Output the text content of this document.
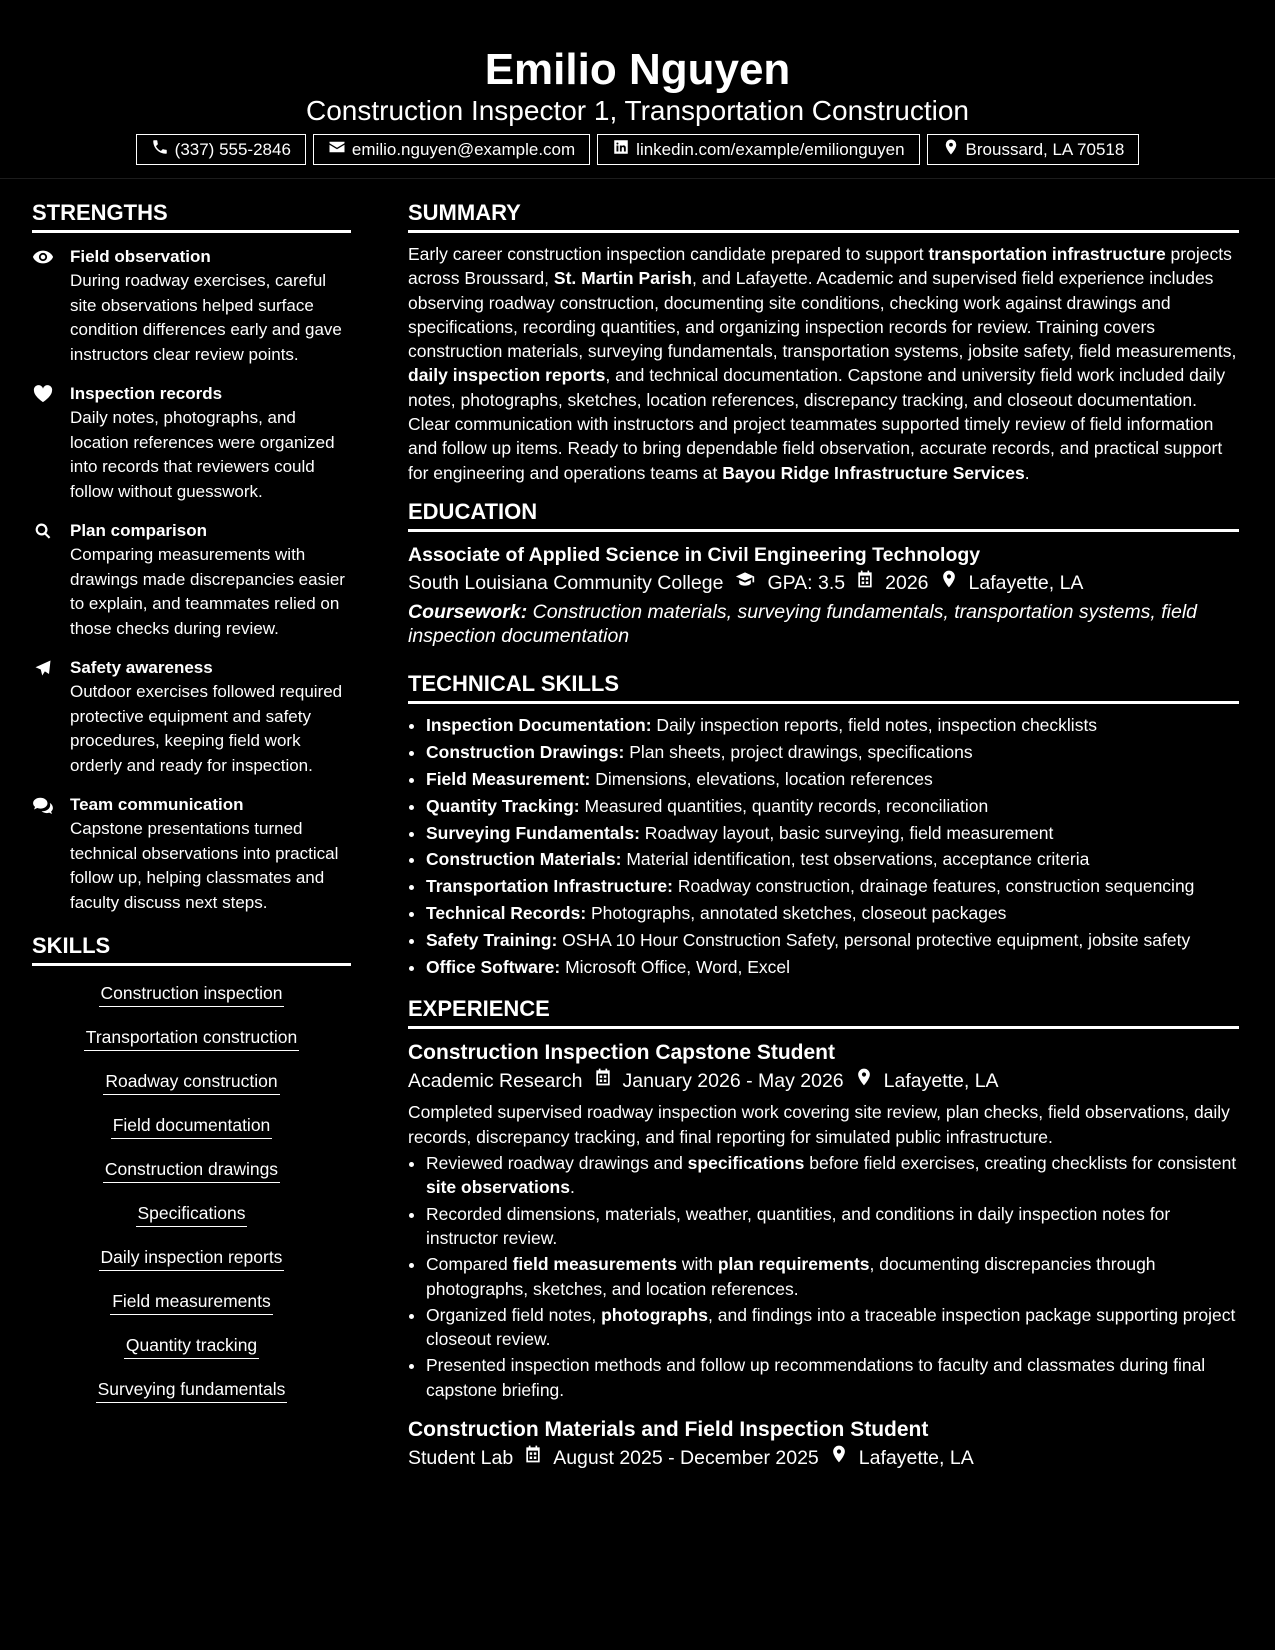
Emilio Nguyen
Construction Inspector 1, Transportation Construction
(337) 555-2846	emilio.nguyen@example.com	linkedin.com/example/emilionguyen	Broussard, LA 70518
STRENGTHS
Field observation
During roadway exercises, careful site observations helped surface condition differences early and gave instructors clear review points.
Inspection records
Daily notes, photographs, and location references were organized into records that reviewers could follow without guesswork.
Plan comparison
Comparing measurements with drawings made discrepancies easier to explain, and teammates relied on those checks during review.
Safety awareness
Outdoor exercises followed required protective equipment and safety procedures, keeping field work orderly and ready for inspection.
Team communication
Capstone presentations turned technical observations into practical follow up, helping classmates and faculty discuss next steps.
SKILLS
Construction inspection
Transportation construction
Roadway construction
Field documentation
Construction drawings
Specifications
Daily inspection reports
Field measurements
Quantity tracking
Surveying fundamentals
SUMMARY
Early career construction inspection candidate prepared to support transportation infrastructure projects across Broussard, St. Martin Parish, and Lafayette. Academic and supervised field experience includes observing roadway construction, documenting site conditions, checking work against drawings and specifications, recording quantities, and organizing inspection records for review. Training covers construction materials, surveying fundamentals, transportation systems, jobsite safety, field measurements, daily inspection reports, and technical documentation. Capstone and university field work included daily notes, photographs, sketches, location references, discrepancy tracking, and closeout documentation. Clear communication with instructors and project teammates supported timely review of field information and follow up items. Ready to bring dependable field observation, accurate records, and practical support for engineering and operations teams at Bayou Ridge Infrastructure Services.
EDUCATION
Associate of Applied Science in Civil Engineering Technology
South Louisiana Community College GPA: 3.5 2026 Lafayette, LA
Coursework: Construction materials, surveying fundamentals, transportation systems, field inspection documentation
TECHNICAL SKILLS
• Inspection Documentation: Daily inspection reports, field notes, inspection checklists
• Construction Drawings: Plan sheets, project drawings, specifications
• Field Measurement: Dimensions, elevations, location references
• Quantity Tracking: Measured quantities, quantity records, reconciliation
• Surveying Fundamentals: Roadway layout, basic surveying, field measurement
• Construction Materials: Material identification, test observations, acceptance criteria
• Transportation Infrastructure: Roadway construction, drainage features, construction sequencing
• Technical Records: Photographs, annotated sketches, closeout packages
• Safety Training: OSHA 10 Hour Construction Safety, personal protective equipment, jobsite safety
• Office Software: Microsoft Office, Word, Excel
EXPERIENCE
Construction Inspection Capstone Student
Academic Research January 2026 - May 2026 Lafayette, LA
Completed supervised roadway inspection work covering site review, plan checks, field observations, daily records, discrepancy tracking, and final reporting for simulated public infrastructure.
• Reviewed roadway drawings and specifications before field exercises, creating checklists for consistent site observations.
• Recorded dimensions, materials, weather, quantities, and conditions in daily inspection notes for instructor review.
• Compared field measurements with plan requirements, documenting discrepancies through photographs, sketches, and location references.
• Organized field notes, photographs, and findings into a traceable inspection package supporting project closeout review.
• Presented inspection methods and follow up recommendations to faculty and classmates during final capstone briefing.
Construction Materials and Field Inspection Student
Student Lab August 2025 - December 2025 Lafayette, LA
